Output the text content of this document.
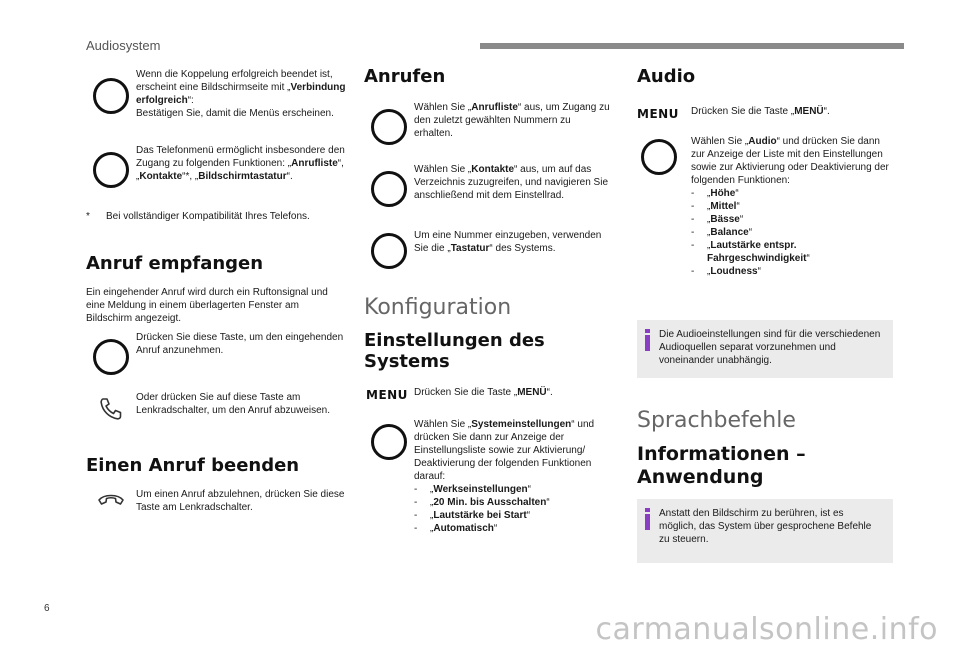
Audiosystem
Wenn die Koppelung erfolgreich beendet ist, erscheint eine Bildschirmseite mit „Verbindung erfolgreich“:
Bestätigen Sie, damit die Menüs erscheinen.
Das Telefonmenü ermöglicht insbesondere den Zugang zu folgenden Funktionen: „Anrufliste“, „Kontakte“*, „Bildschirmtastatur“.
*	Bei vollständiger Kompatibilität Ihres Telefons.
Anruf empfangen
Ein eingehender Anruf wird durch ein Ruftonsignal und eine Meldung in einem überlagerten Fenster am Bildschirm angezeigt.
Drücken Sie diese Taste, um den eingehenden Anruf anzunehmen.
Oder drücken Sie auf diese Taste am Lenkradschalter, um den Anruf abzuweisen.
Einen Anruf beenden
Um einen Anruf abzulehnen, drücken Sie diese Taste am Lenkradschalter.
Anrufen
Wählen Sie „Anrufliste“ aus, um Zugang zu den zuletzt gewählten Nummern zu erhalten.
Wählen Sie „Kontakte“ aus, um auf das Verzeichnis zuzugreifen, und navigieren Sie anschließend mit dem Einstellrad.
Um eine Nummer einzugeben, verwenden Sie die „Tastatur“ des Systems.
Konfiguration
Einstellungen des Systems
MENU Drücken Sie die Taste „MENÜ“.
Wählen Sie „Systemeinstellungen“ und drücken Sie dann zur Anzeige der Einstellungsliste sowie zur Aktivierung/ Deaktivierung der folgenden Funktionen darauf:
-	„Werkseinstellungen“
-	„20 Min. bis Ausschalten“
-	„Lautstärke bei Start“
-	„Automatisch“
Audio
MENU	Drücken Sie die Taste „MENÜ“.
Wählen Sie „Audio“ und drücken Sie dann zur Anzeige der Liste mit den Einstellungen sowie zur Aktivierung oder Deaktivierung der folgenden Funktionen:
-	„Höhe“
-	„Mittel“
-	„Bässe“
-	„Balance“
-	„Lautstärke entspr. Fahrgeschwindigkeit“
-	„Loudness“
Die Audioeinstellungen sind für die verschiedenen Audioquellen separat vorzunehmen und voneinander unabhängig.
Sprachbefehle
Informationen – Anwendung
Anstatt den Bildschirm zu berühren, ist es möglich, das System über gesprochene Befehle zu steuern.
6
carmanualsonline.info
